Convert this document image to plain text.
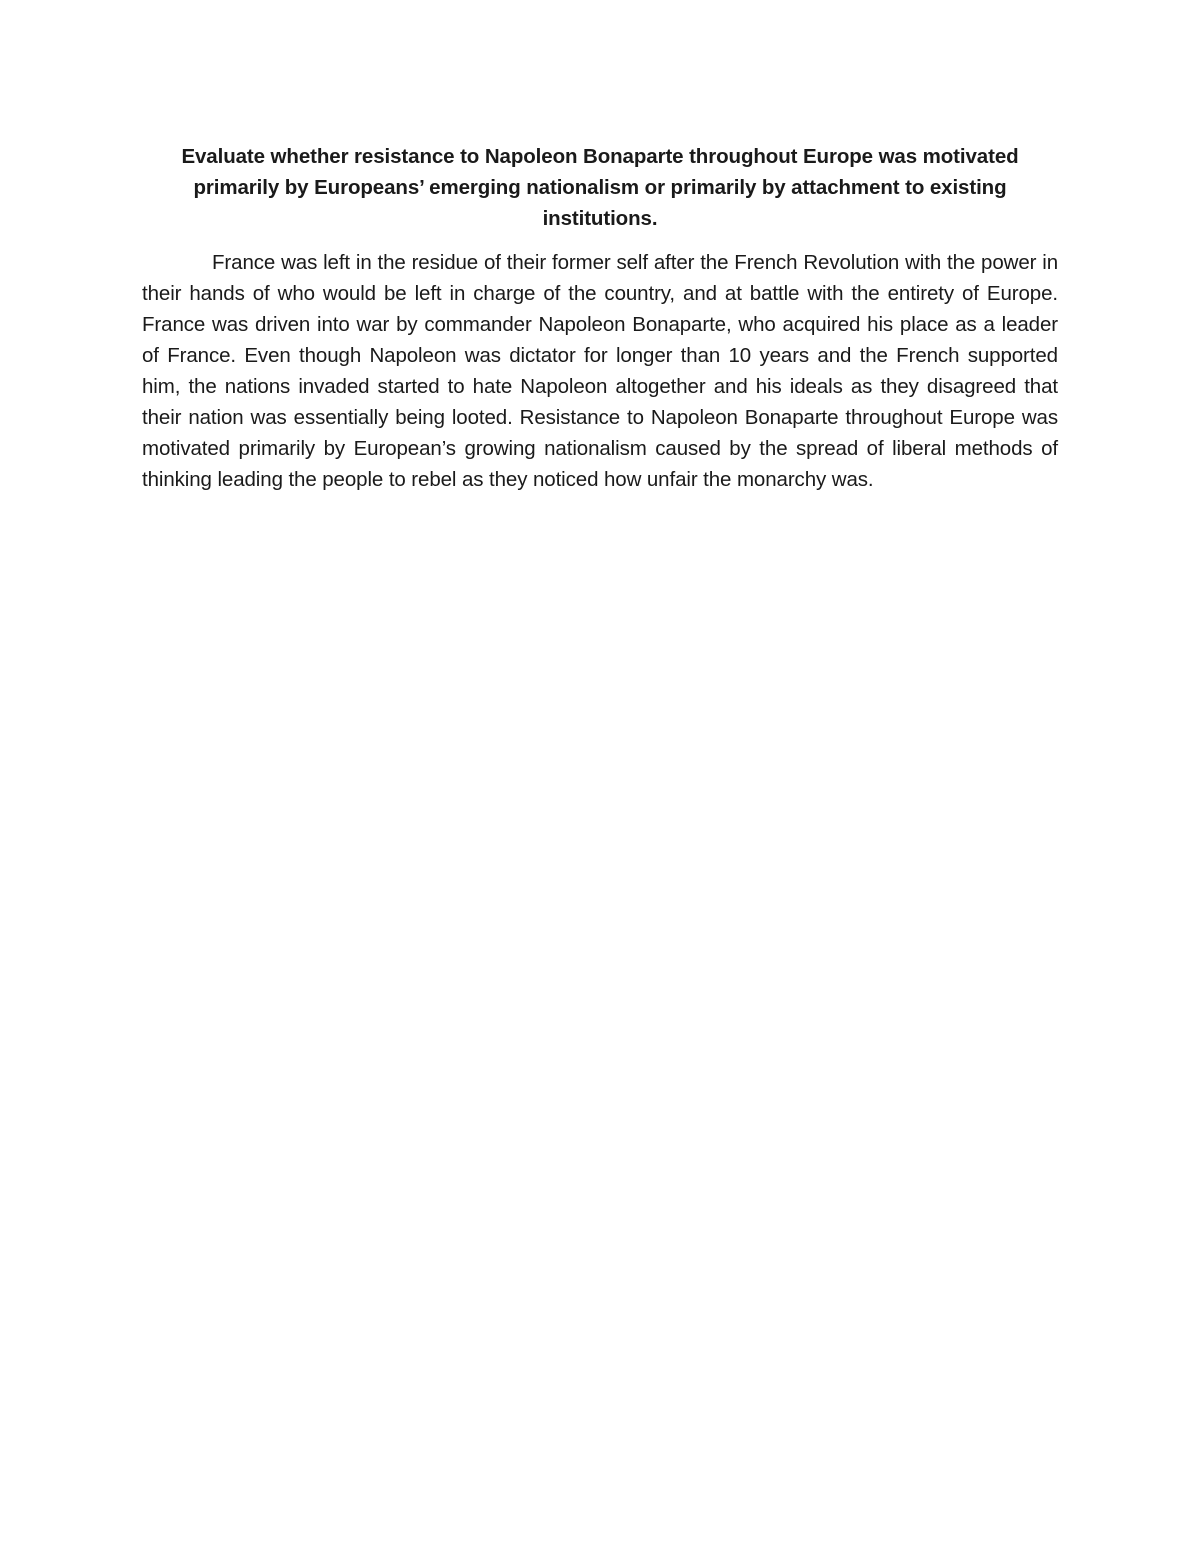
Evaluate whether resistance to Napoleon Bonaparte throughout Europe was motivated primarily by Europeans’ emerging nationalism or primarily by attachment to existing institutions.

France was left in the residue of their former self after the French Revolution with the power in their hands of who would be left in charge of the country, and at battle with the entirety of Europe. France was driven into war by commander Napoleon Bonaparte, who acquired his place as a leader of France. Even though Napoleon was dictator for longer than 10 years and the French supported him, the nations invaded started to hate Napoleon altogether and his ideals as they disagreed that their nation was essentially being looted. Resistance to Napoleon Bonaparte throughout Europe was motivated primarily by European’s growing nationalism caused by the spread of liberal methods of thinking leading the people to rebel as they noticed how unfair the monarchy was.
